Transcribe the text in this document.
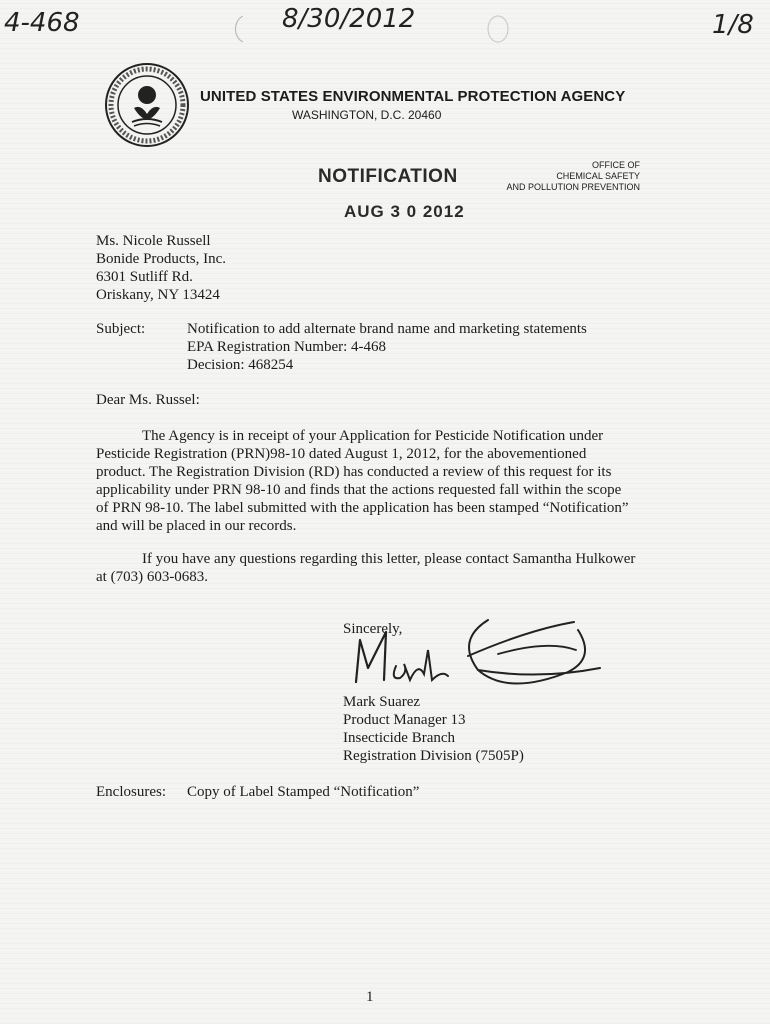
4-468	8/30/2012	1/8
UNITED STATES ENVIRONMENTAL PROTECTION AGENCY
WASHINGTON, D.C. 20460
OFFICE OF
CHEMICAL SAFETY
AND POLLUTION PREVENTION
NOTIFICATION
AUG 3 0 2012
Ms. Nicole Russell
Bonide Products, Inc.
6301 Sutliff Rd.
Oriskany, NY 13424
Subject:	Notification to add alternate brand name and marketing statements
EPA Registration Number: 4-468
Decision: 468254
Dear Ms. Russel:
The Agency is in receipt of your Application for Pesticide Notification under
Pesticide Registration (PRN)98-10 dated August 1, 2012, for the abovementioned
product. The Registration Division (RD) has conducted a review of this request for its
applicability under PRN 98-10 and finds that the actions requested fall within the scope
of PRN 98-10. The label submitted with the application has been stamped “Notification”
and will be placed in our records.
If you have any questions regarding this letter, please contact Samantha Hulkower
at (703) 603-0683.
Sincerely,
Mark Suarez
Product Manager 13
Insecticide Branch
Registration Division (7505P)
Enclosures: Copy of Label Stamped “Notification”
1
